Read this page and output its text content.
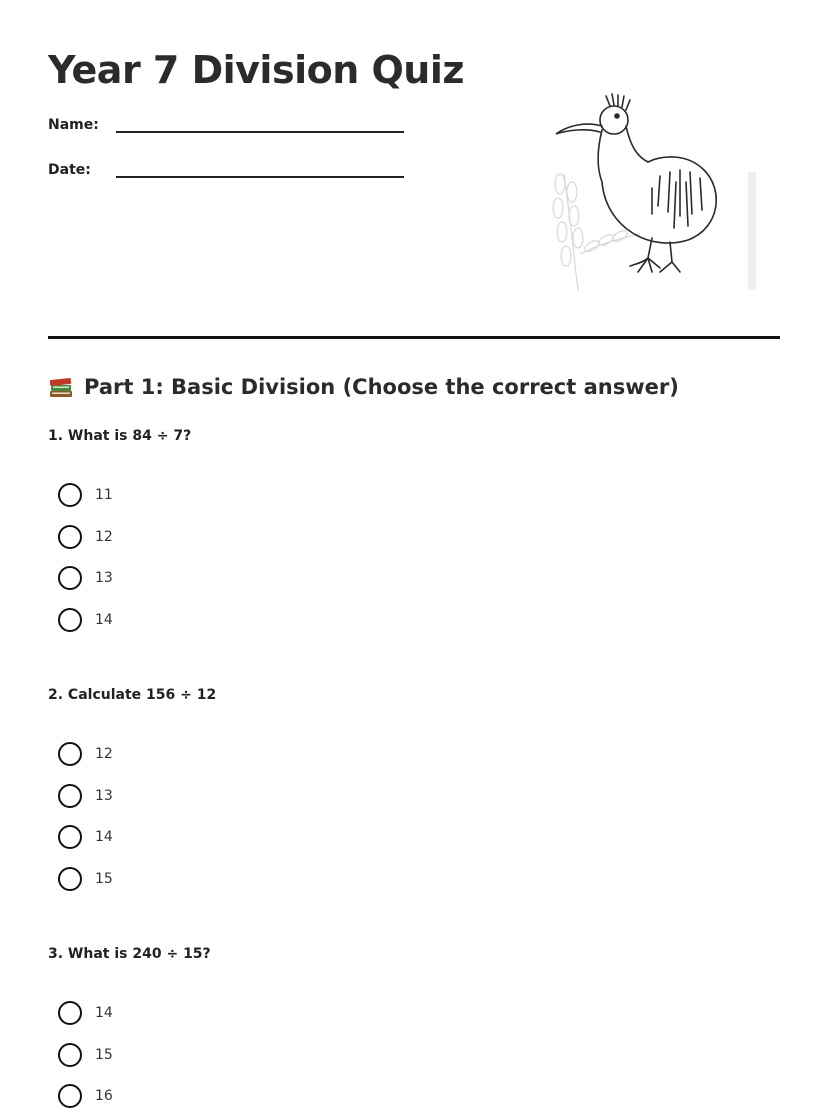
Year 7 Division Quiz
Name:
Date:
Part 1: Basic Division (Choose the correct answer)

1. What is 84 ÷ 7?

11
12
13
14

2. Calculate 156 ÷ 12

12
13
14
15

3. What is 240 ÷ 15?

14
15
16
